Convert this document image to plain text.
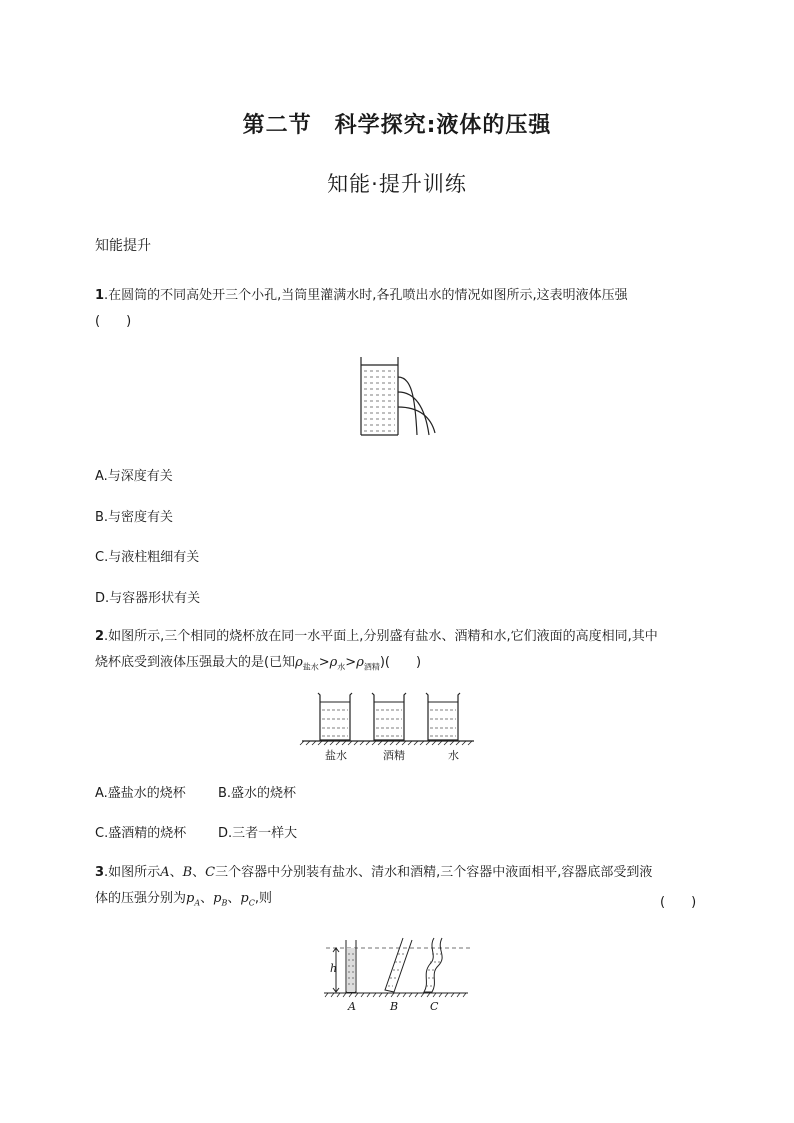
第二节　科学探究:液体的压强
知能·提升训练
知能提升
1.在圆筒的不同高处开三个小孔,当筒里灌满水时,各孔喷出水的情况如图所示,这表明液体压强
(　　)
A.与深度有关
B.与密度有关
C.与液柱粗细有关
D.与容器形状有关
2.如图所示,三个相同的烧杯放在同一水平面上,分别盛有盐水、酒精和水,它们液面的高度相同,其中
烧杯底受到液体压强最大的是(已知$\rho_{盐水}>\rho_水>\rho_{酒精}$)(　　)
盐水	酒精	水
A.盛盐水的烧杯 B.盛水的烧杯
C.盛酒精的烧杯 D.三者一样大
3.如图所示A、B、C三个容器中分别装有盐水、清水和酒精,三个容器中液面相平,容器底部受到液
体的压强分别为$p_A$、$p_B$、$p_C$,则	(　　)
h
A	B	C
